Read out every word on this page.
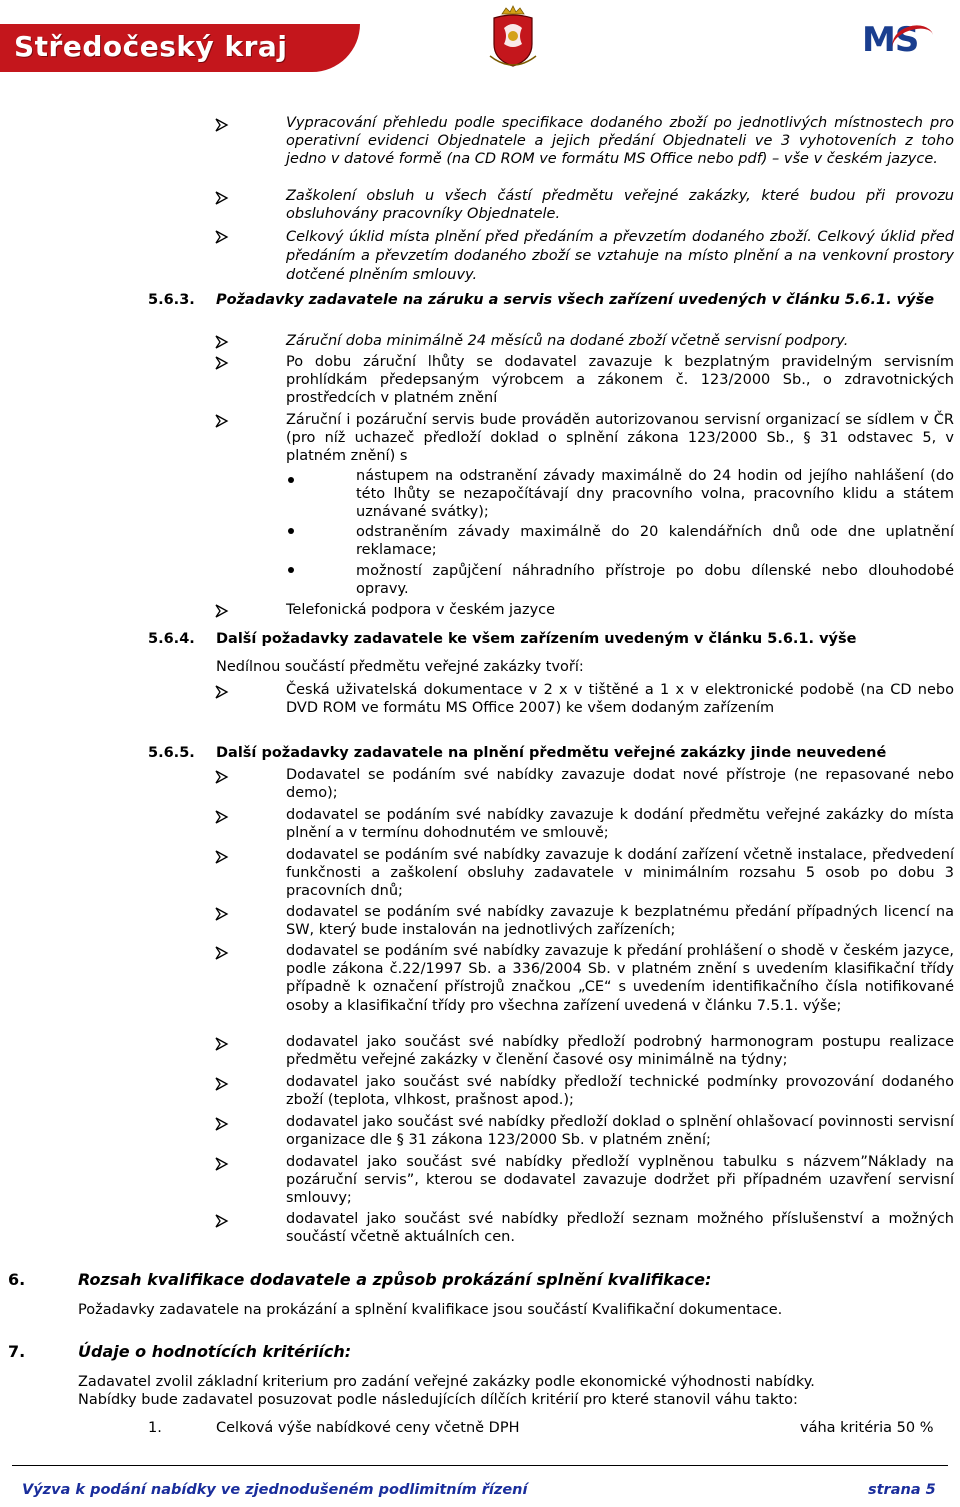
Středočeský kraj	MS
Vypracování přehledu podle specifikace dodaného zboží po jednotlivých místnostech pro operativní evidenci Objednatele a jejich předání Objednateli ve 3 vyhotoveních z toho jedno v datové formě (na CD ROM ve formátu MS Office nebo pdf) – vše v českém jazyce.
Zaškolení obsluh u všech částí předmětu veřejné zakázky, které budou při provozu obsluhovány pracovníky Objednatele.
Celkový úklid místa plnění před předáním a převzetím dodaného zboží. Celkový úklid před předáním a převzetím dodaného zboží se vztahuje na místo plnění a na venkovní prostory dotčené plněním smlouvy.
5.6.3. Požadavky zadavatele na záruku a servis všech zařízení uvedených v článku 5.6.1. výše
Záruční doba minimálně 24 měsíců na dodané zboží včetně servisní podpory.
Po dobu záruční lhůty se dodavatel zavazuje k bezplatným pravidelným servisním prohlídkám předepsaným výrobcem a zákonem č. 123/2000 Sb., o zdravotnických prostředcích v platném znění
Záruční i pozáruční servis bude prováděn autorizovanou servisní organizací se sídlem v ČR (pro níž uchazeč předloží doklad o splnění zákona 123/2000 Sb., § 31 odstavec 5, v platném znění) s
nástupem na odstranění závady maximálně do 24 hodin od jejího nahlášení (do této lhůty se nezapočítávají dny pracovního volna, pracovního klidu a státem uznávané svátky);
odstraněním závady maximálně do 20 kalendářních dnů ode dne uplatnění reklamace;
možností zapůjčení náhradního přístroje po dobu dílenské nebo dlouhodobé opravy.
Telefonická podpora v českém jazyce
5.6.4. Další požadavky zadavatele ke všem zařízením uvedeným v článku 5.6.1. výše
Nedílnou součástí předmětu veřejné zakázky tvoří:
Česká uživatelská dokumentace v 2 x v tištěné a 1 x v elektronické podobě (na CD nebo DVD ROM ve formátu MS Office 2007) ke všem dodaným zařízením
5.6.5. Další požadavky zadavatele na plnění předmětu veřejné zakázky jinde neuvedené
Dodavatel se podáním své nabídky zavazuje dodat nové přístroje (ne repasované nebo demo);
dodavatel se podáním své nabídky zavazuje k dodání předmětu veřejné zakázky do místa plnění a v termínu dohodnutém ve smlouvě;
dodavatel se podáním své nabídky zavazuje k dodání zařízení včetně instalace, předvedení funkčnosti a zaškolení obsluhy zadavatele v minimálním rozsahu 5 osob po dobu 3 pracovních dnů;
dodavatel se podáním své nabídky zavazuje k bezplatnému předání případných licencí na SW, který bude instalován na jednotlivých zařízeních;
dodavatel se podáním své nabídky zavazuje k předání prohlášení o shodě v českém jazyce, podle zákona č.22/1997 Sb. a 336/2004 Sb. v platném znění s uvedením klasifikační třídy případně k označení přístrojů značkou „CE“ s uvedením identifikačního čísla notifikované osoby a klasifikační třídy pro všechna zařízení uvedená v článku 7.5.1. výše;
dodavatel jako součást své nabídky předloží podrobný harmonogram postupu realizace předmětu veřejné zakázky v členění časové osy minimálně na týdny;
dodavatel jako součást své nabídky předloží technické podmínky provozování dodaného zboží (teplota, vlhkost, prašnost apod.);
dodavatel jako součást své nabídky předloží doklad o splnění ohlašovací povinnosti servisní organizace dle § 31 zákona 123/2000 Sb. v platném znění;
dodavatel jako součást své nabídky předloží vyplněnou tabulku s názvem”Náklady na pozáruční servis”, kterou se dodavatel zavazuje dodržet při případném uzavření servisní smlouvy;
dodavatel jako součást své nabídky předloží seznam možného příslušenství a možných součástí včetně aktuálních cen.
6.	Rozsah kvalifikace dodavatele a způsob prokázání splnění kvalifikace:
Požadavky zadavatele na prokázání a splnění kvalifikace jsou součástí Kvalifikační dokumentace.
7.	Údaje o hodnotících kritériích:
Zadavatel zvolil základní kriterium pro zadání veřejné zakázky podle ekonomické výhodnosti nabídky.
Nabídky bude zadavatel posuzovat podle následujících dílčích kritérií pro které stanovil váhu takto:
1.	Celková výše nabídkové ceny včetně DPH	váha kritéria 50 %
Výzva k podání nabídky ve zjednodušeném podlimitním řízení	strana 5
